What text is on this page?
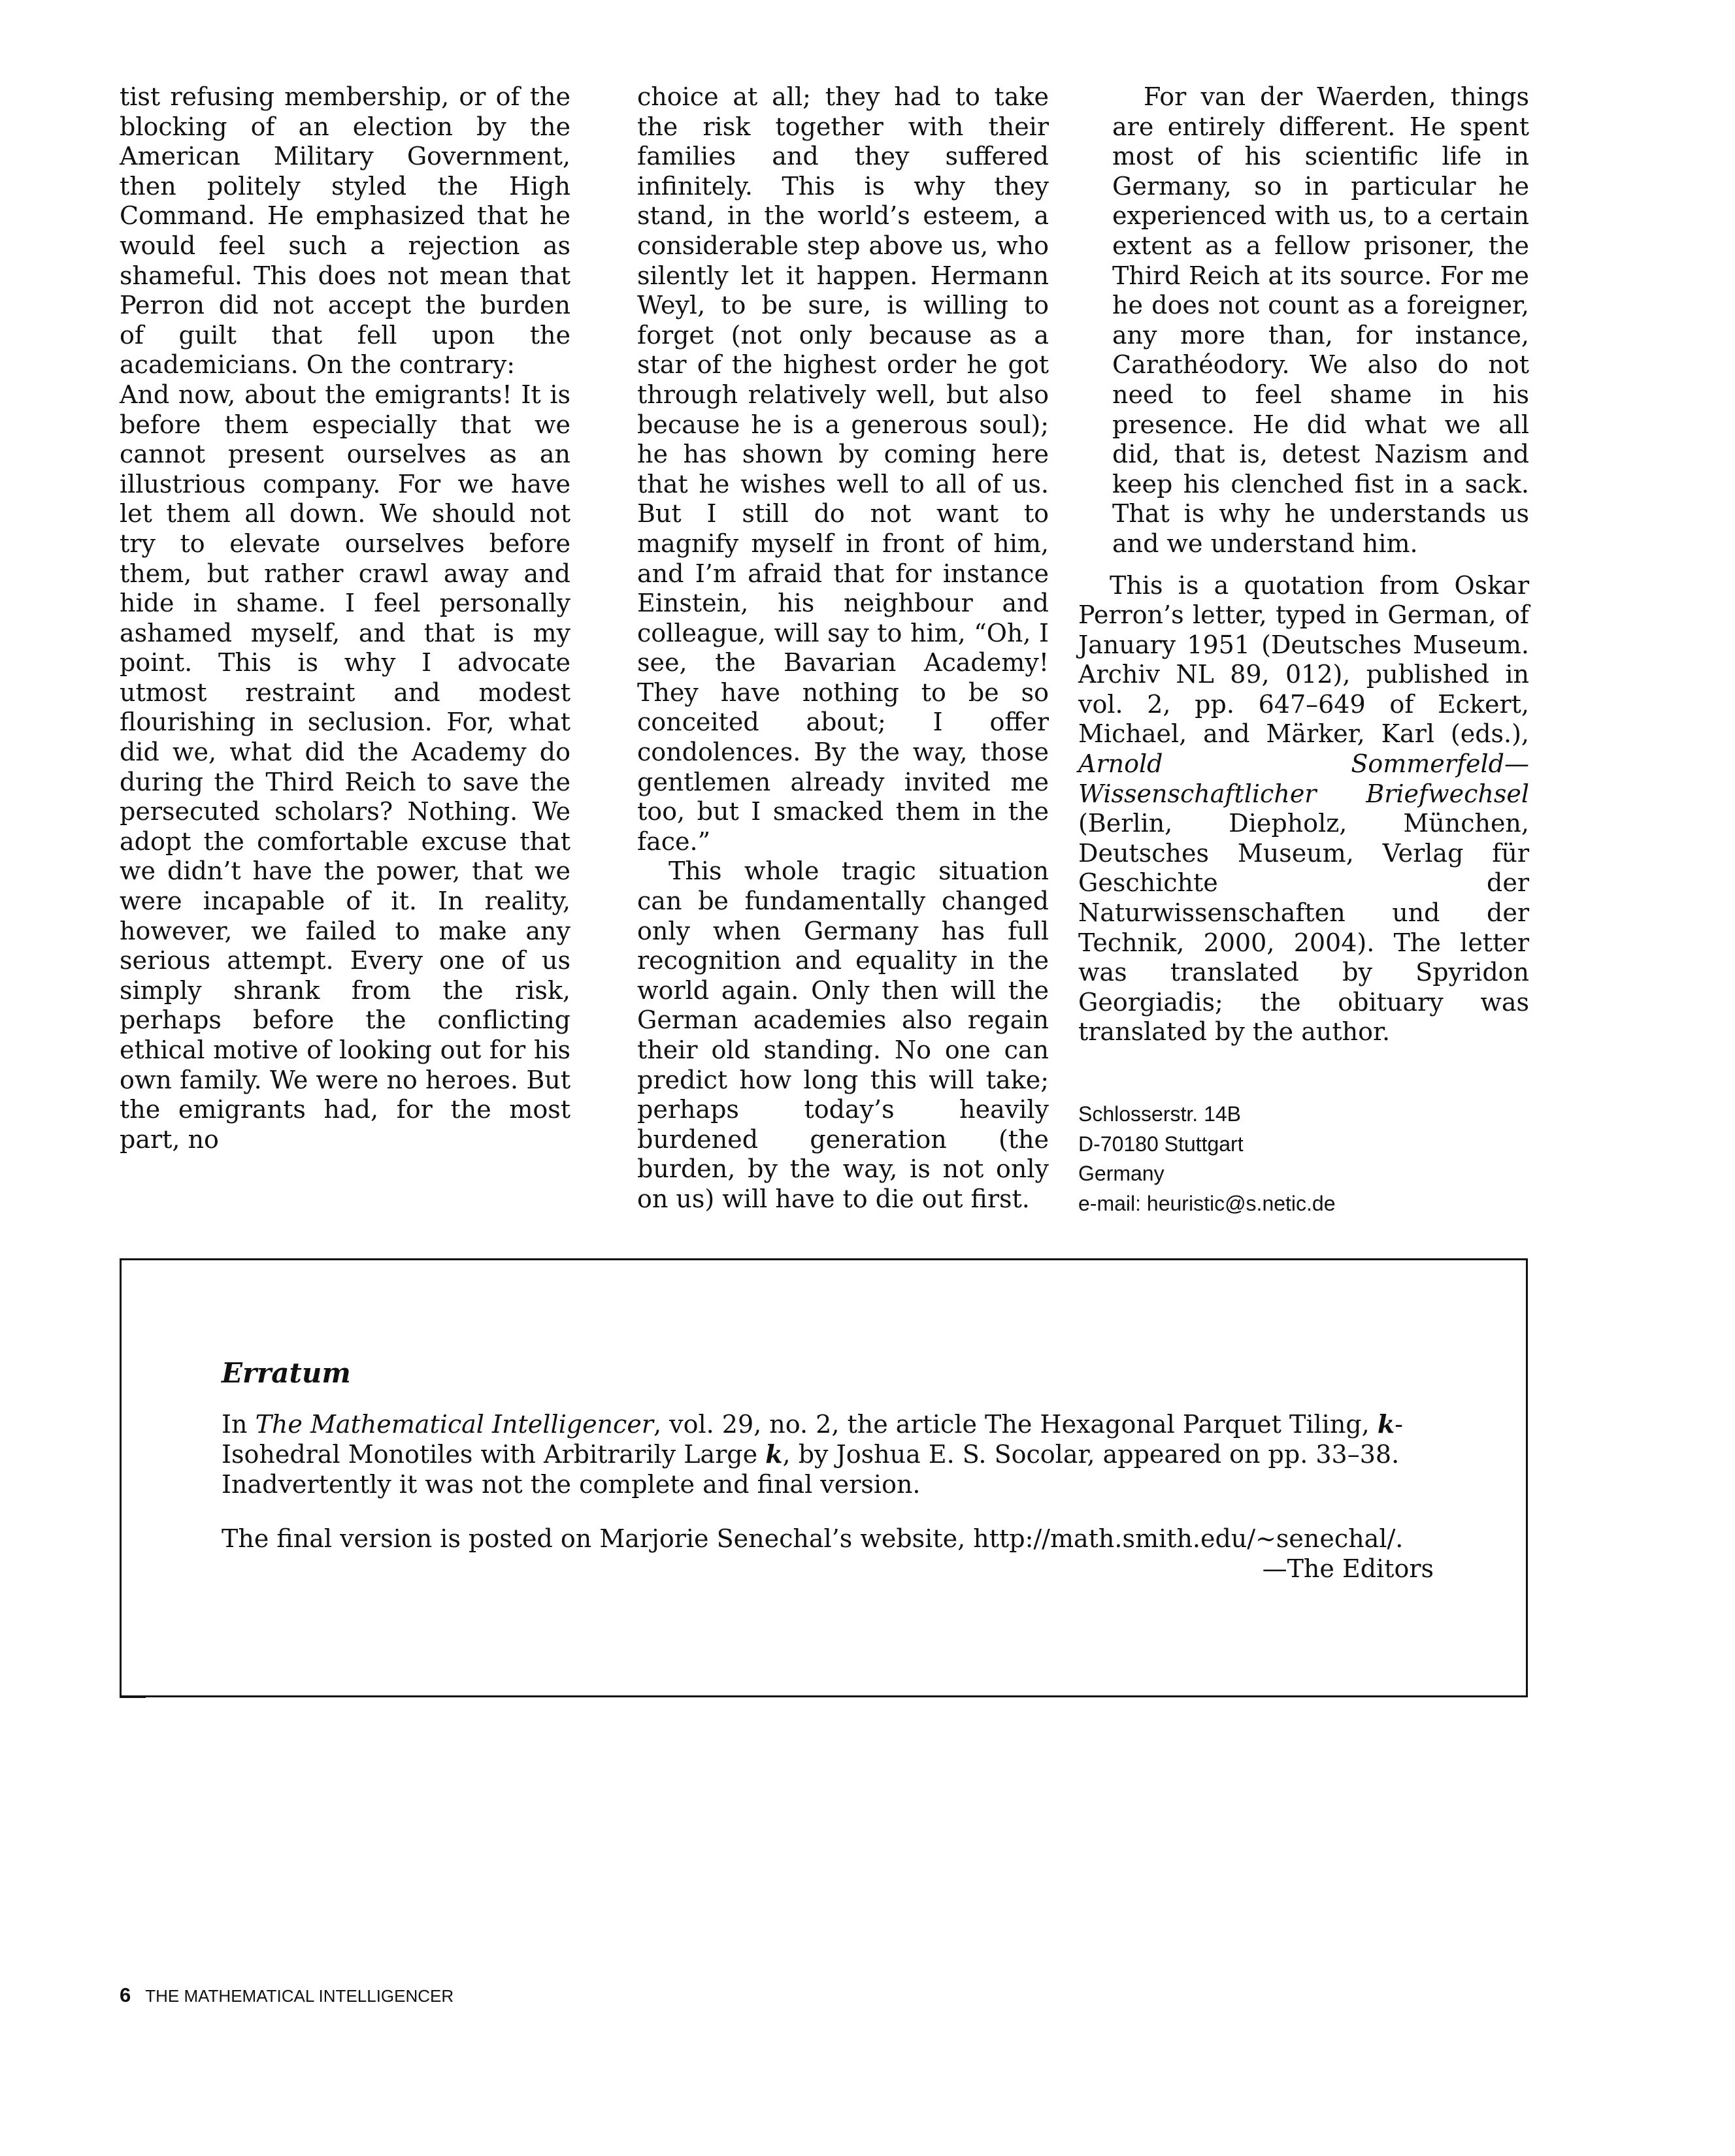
tist refusing membership, or of the blocking of an election by the American Military Government, then politely styled the High Command. He emphasized that he would feel such a rejection as shameful. This does not mean that Perron did not accept the burden of guilt that fell upon the academicians. On the contrary:

And now, about the emigrants! It is before them especially that we cannot present ourselves as an illustrious company. For we have let them all down. We should not try to elevate ourselves before them, but rather crawl away and hide in shame. I feel personally ashamed myself, and that is my point. This is why I advocate utmost restraint and modest flourishing in seclusion. For, what did we, what did the Academy do during the Third Reich to save the persecuted scholars? Nothing. We adopt the comfortable excuse that we didn’t have the power, that we were incapable of it. In reality, however, we failed to make any serious attempt. Every one of us simply shrank from the risk, perhaps before the conflicting ethical motive of looking out for his own family. We were no heroes. But the emigrants had, for the most part, no

choice at all; they had to take the risk together with their families and they suffered infinitely. This is why they stand, in the world’s esteem, a considerable step above us, who silently let it happen. Hermann Weyl, to be sure, is willing to forget (not only because as a star of the highest order he got through relatively well, but also because he is a generous soul); he has shown by coming here that he wishes well to all of us. But I still do not want to magnify myself in front of him, and I’m afraid that for instance Einstein, his neighbour and colleague, will say to him, “Oh, I see, the Bavarian Academy! They have nothing to be so conceited about; I offer condolences. By the way, those gentlemen already invited me too, but I smacked them in the face.”

This whole tragic situation can be fundamentally changed only when Germany has full recognition and equality in the world again. Only then will the German academies also regain their old standing. No one can predict how long this will take; perhaps today’s heavily burdened generation (the burden, by the way, is not only on us) will have to die out first.

For van der Waerden, things are entirely different. He spent most of his scientific life in Germany, so in particular he experienced with us, to a certain extent as a fellow prisoner, the Third Reich at its source. For me he does not count as a foreigner, any more than, for instance, Carathéodory. We also do not need to feel shame in his presence. He did what we all did, that is, detest Nazism and keep his clenched fist in a sack. That is why he understands us and we understand him.

This is a quotation from Oskar Perron’s letter, typed in German, of January 1951 (Deutsches Museum. Archiv NL 89, 012), published in vol. 2, pp. 647–649 of Eckert, Michael, and Märker, Karl (eds.), Arnold Sommerfeld—Wissenschaftlicher Briefwechsel (Berlin, Diepholz, München, Deutsches Museum, Verlag für Geschichte der Naturwissenschaften und der Technik, 2000, 2004). The letter was translated by Spyridon Georgiadis; the obituary was translated by the author.

Schlosserstr. 14B
D-70180 Stuttgart
Germany
e-mail: heuristic@s.netic.de
Erratum

In The Mathematical Intelligencer, vol. 29, no. 2, the article The Hexagonal Parquet Tiling, k-Isohedral Monotiles with Arbitrarily Large k, by Joshua E. S. Socolar, appeared on pp. 33–38. Inadvertently it was not the complete and final version.

The final version is posted on Marjorie Senechal’s website, http://math.smith.edu/~senechal/.

—The Editors

6 THE MATHEMATICAL INTELLIGENCER
